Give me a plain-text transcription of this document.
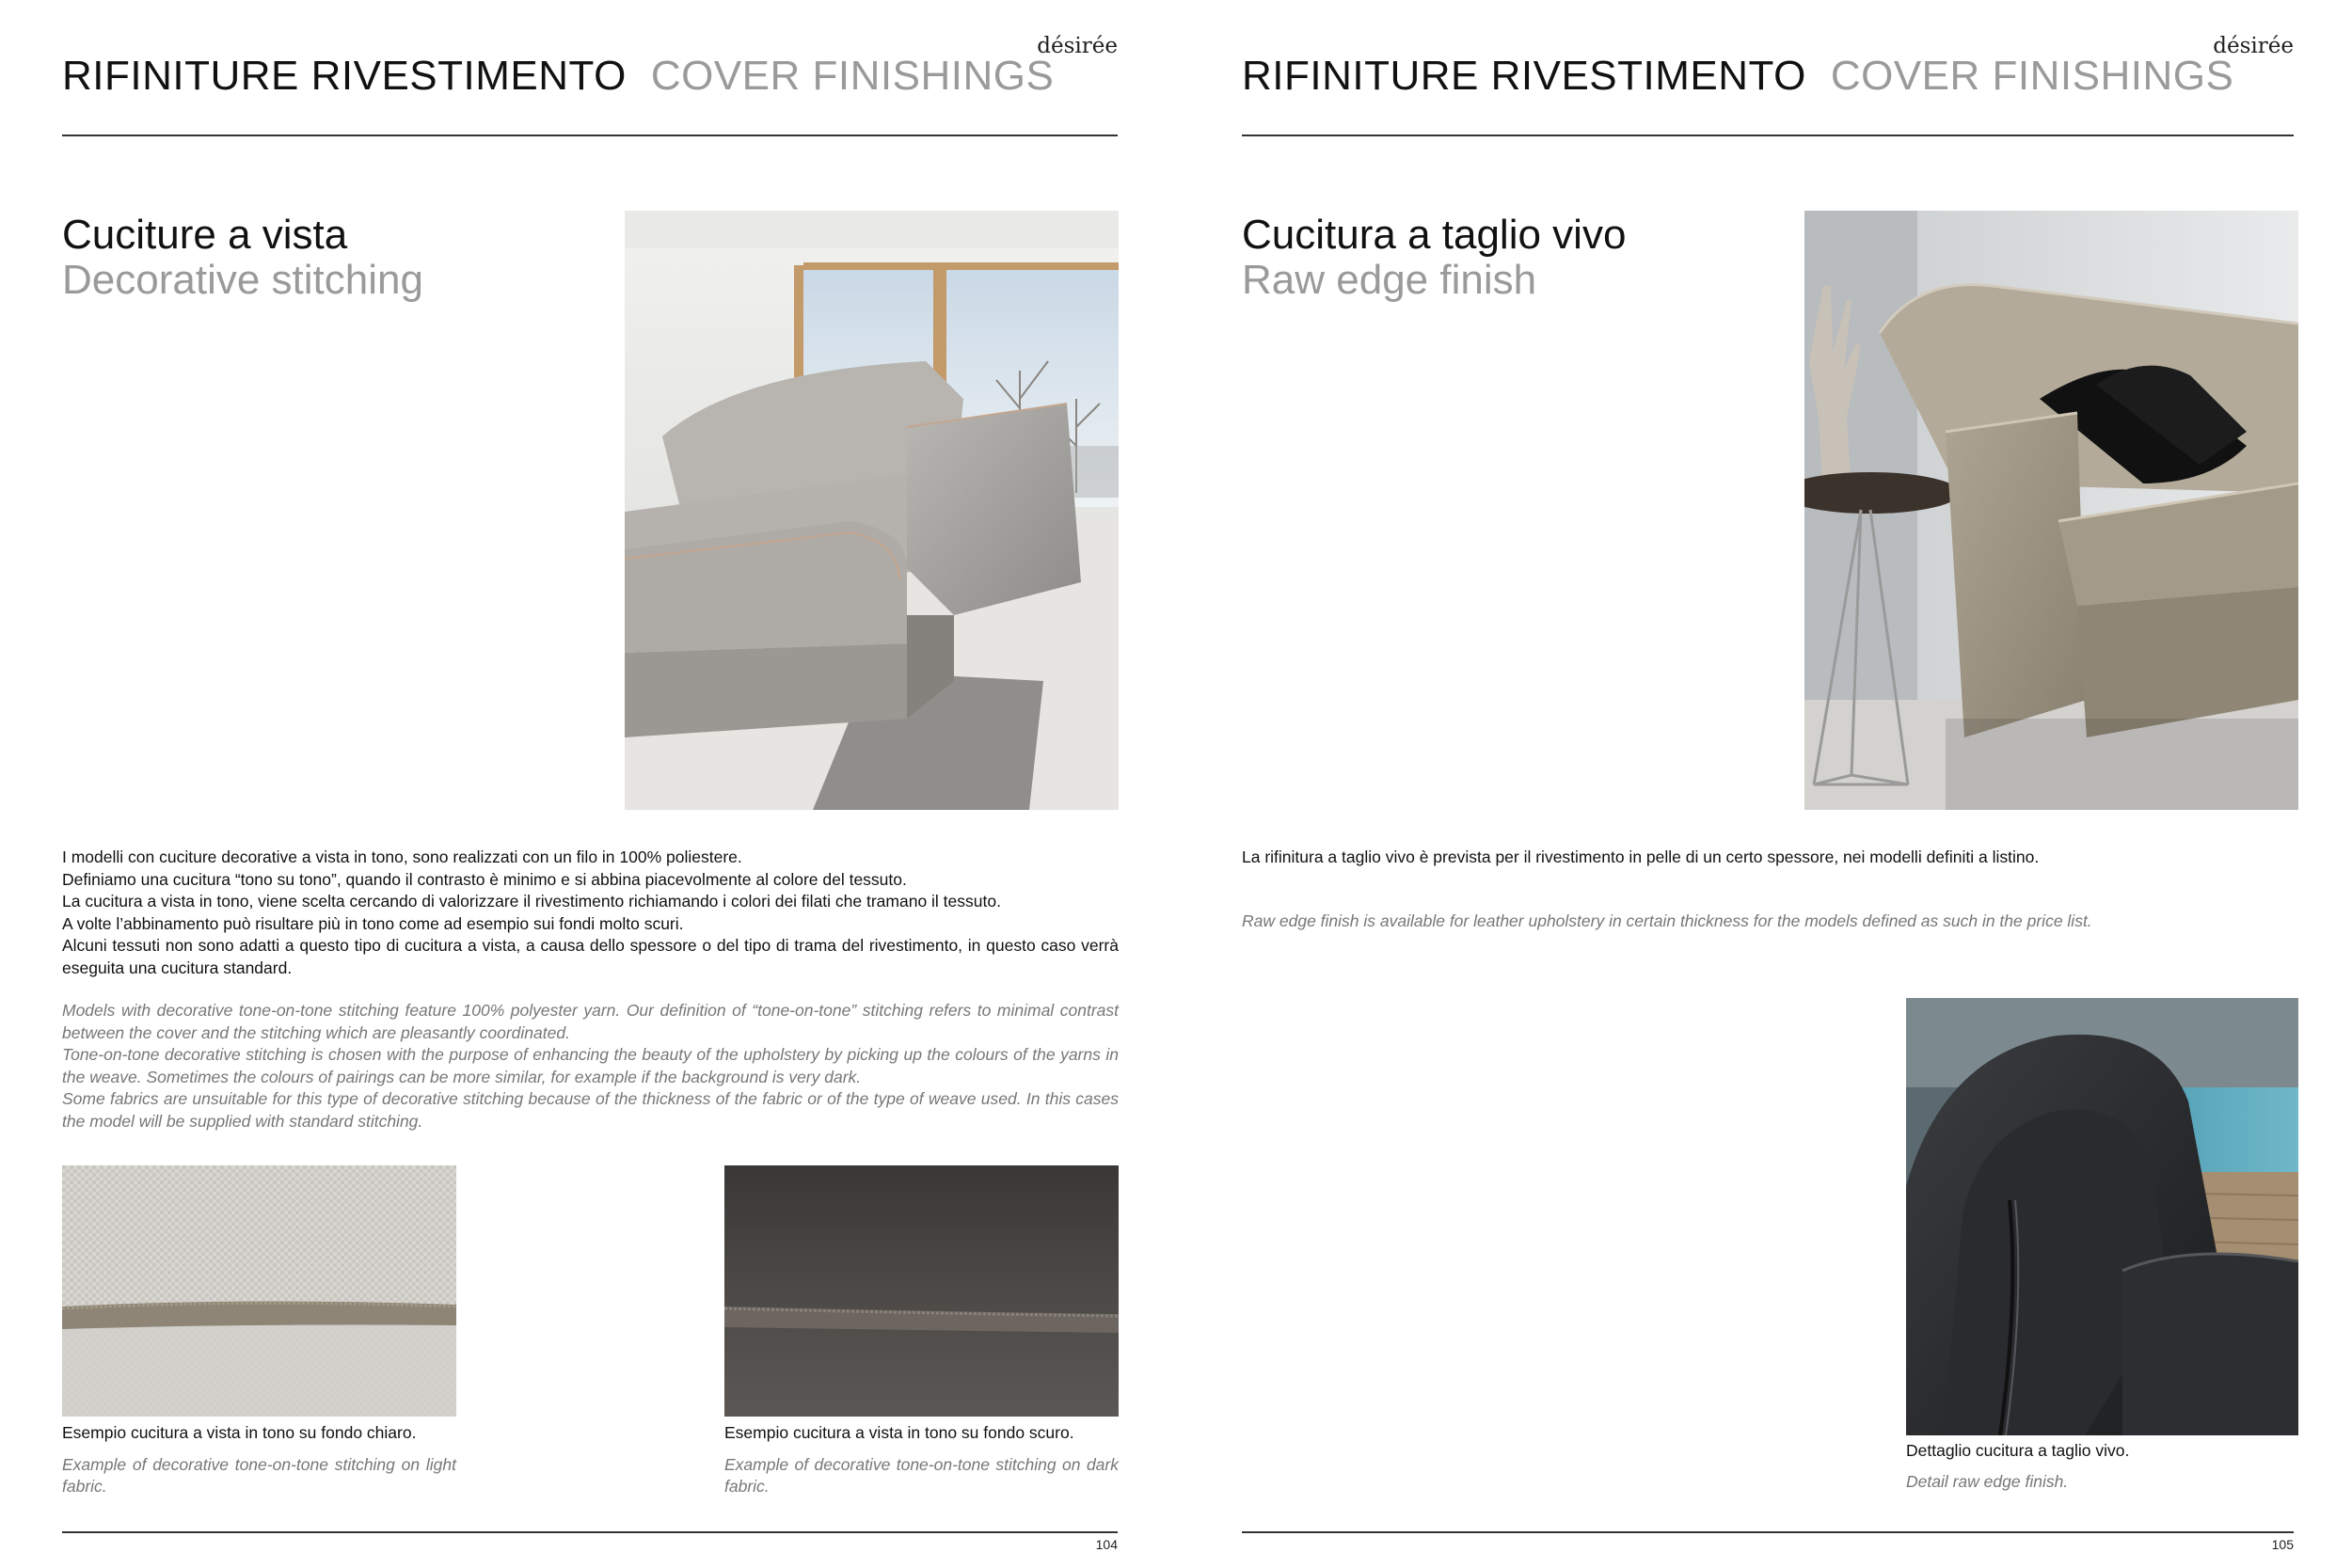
désirée
RIFINITURE RIVESTIMENTO COVER FINISHINGS
Cuciture a vista
Decorative stitching

I modelli con cuciture decorative a vista in tono, sono realizzati con un filo in 100% poliestere.

Definiamo una cucitura “tono su tono”, quando il contrasto è minimo e si abbina piacevolmente al colore del tessuto.

La cucitura a vista in tono, viene scelta cercando di valorizzare il rivestimento richiamando i colori dei filati che tramano il tessuto.

A volte l’abbinamento può risultare più in tono come ad esempio sui fondi molto scuri.

Alcuni tessuti non sono adatti a questo tipo di cucitura a vista, a causa dello spessore o del tipo di trama del rivestimento, in questo caso verrà eseguita una cucitura standard.

Models with decorative tone-on-tone stitching feature 100% polyester yarn. Our definition of “tone-on-tone” stitching refers to minimal contrast between the cover and the stitching which are pleasantly coordinated.

Tone-on-tone decorative stitching is chosen with the purpose of enhancing the beauty of the upholstery by picking up the colours of the yarns in the weave. Sometimes the colours of pairings can be more similar, for example if the background is very dark.

Some fabrics are unsuitable for this type of decorative stitching because of the thickness of the fabric or of the type of weave used. In this cases the model will be supplied with standard stitching.

Esempio cucitura a vista in tono su fondo chiaro.
Example of decorative tone-on-tone stitching on light fabric.
Esempio cucitura a vista in tono su fondo scuro.
Example of decorative tone-on-tone stitching on dark fabric.
104
désirée
RIFINITURE RIVESTIMENTO COVER FINISHINGS
Cucitura a taglio vivo
Raw edge finish
La rifinitura a taglio vivo è prevista per il rivestimento in pelle di un certo spessore, nei modelli definiti a listino.
Raw edge finish is available for leather upholstery in certain thickness for the models defined as such in the price list.
Dettaglio cucitura a taglio vivo.
Detail raw edge finish.
105
